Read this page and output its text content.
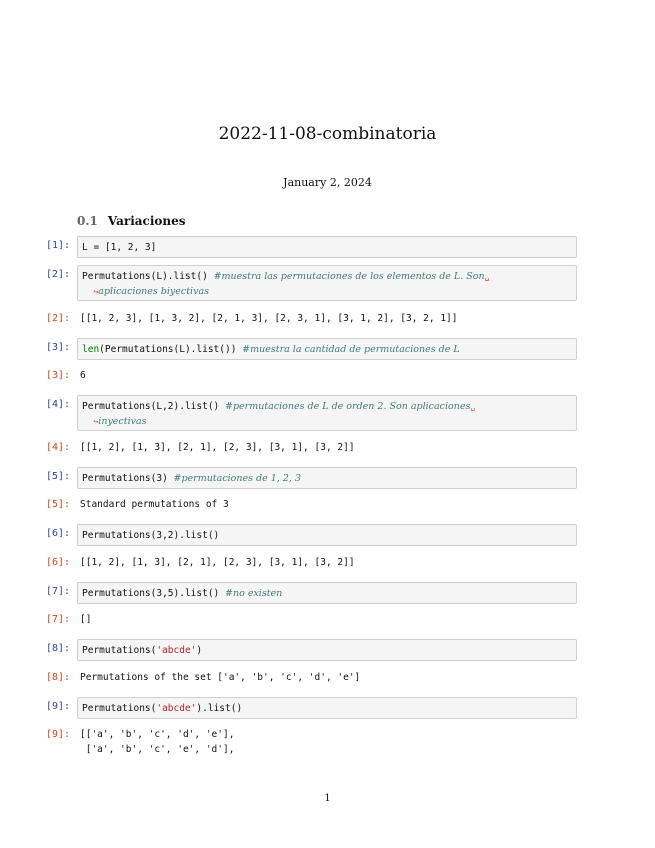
2022-11-08-combinatoria
January 2, 2024
0.1 Variaciones
[1]:	L = [1, 2, 3]
[2]:	Permutations(L).list() #muestra las permutaciones de los elementos de L. Son␣
↪aplicaciones biyectivas
[2]:	[[1, 2, 3], [1, 3, 2], [2, 1, 3], [2, 3, 1], [3, 1, 2], [3, 2, 1]]
[3]:	len(Permutations(L).list()) #muestra la cantidad de permutaciones de L
[3]:	6
[4]:	Permutations(L,2).list() #permutaciones de L de orden 2. Son aplicaciones␣
↪inyectivas
[4]:	[[1, 2], [1, 3], [2, 1], [2, 3], [3, 1], [3, 2]]
[5]:	Permutations(3) #permutaciones de 1, 2, 3
[5]:	Standard permutations of 3
[6]:	Permutations(3,2).list()
[6]:	[[1, 2], [1, 3], [2, 1], [2, 3], [3, 1], [3, 2]]
[7]:	Permutations(3,5).list() #no existen
[7]:	[]
[8]:	Permutations('abcde')
[8]:	Permutations of the set ['a', 'b', 'c', 'd', 'e']
[9]:	Permutations('abcde').list()
[9]:	[['a', 'b', 'c', 'd', 'e'],
['a', 'b', 'c', 'e', 'd'],
1
